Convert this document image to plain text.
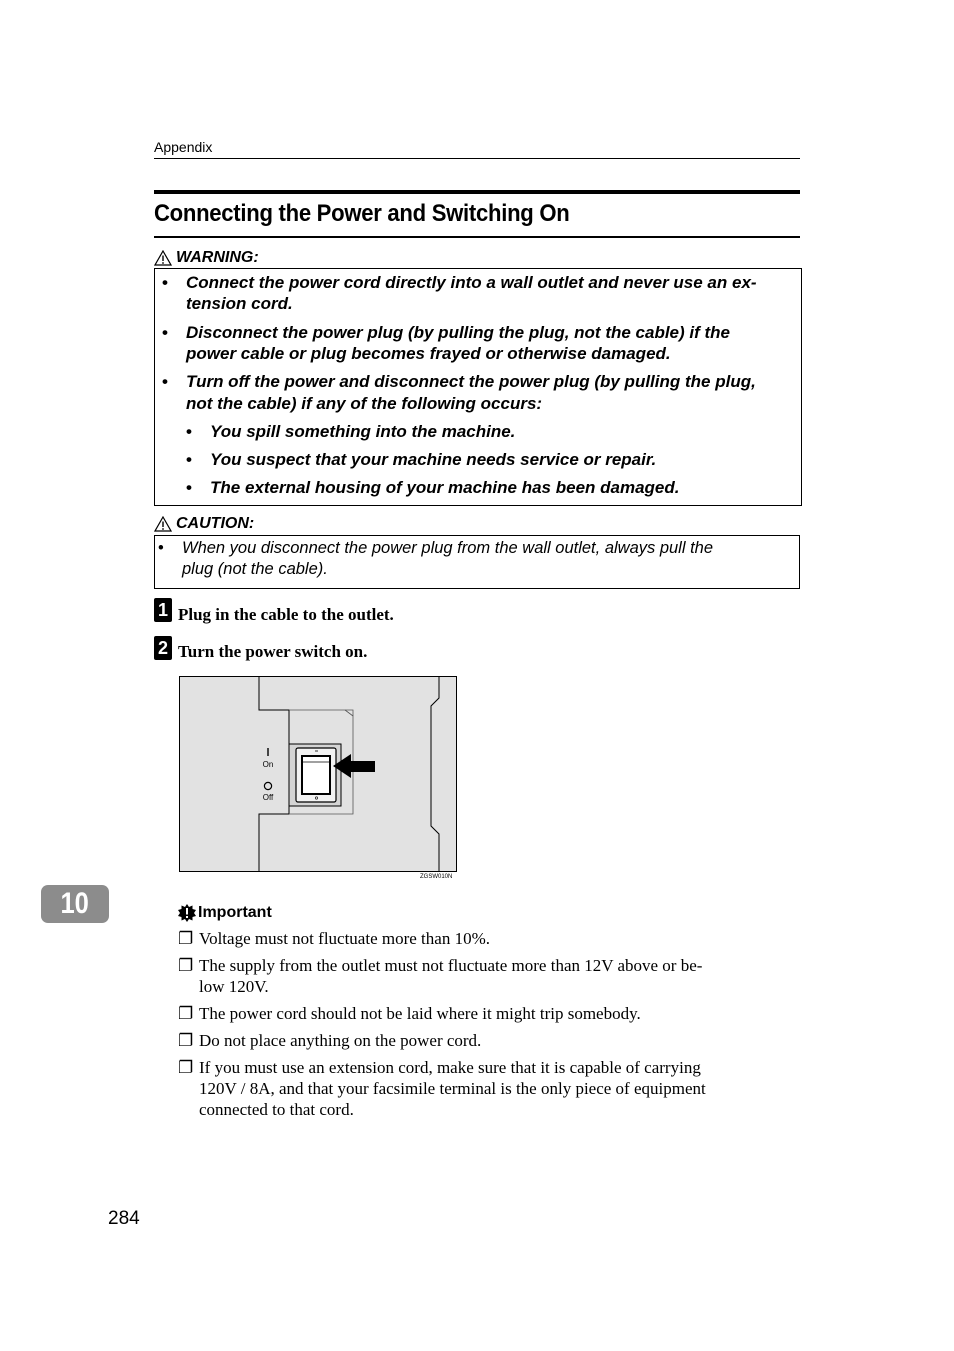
Appendix
Connecting the Power and Switching On
WARNING:
• Connect the power cord directly into a wall outlet and never use an ex-
tension cord.
• Disconnect the power plug (by pulling the plug, not the cable) if the
power cable or plug becomes frayed or otherwise damaged.
• Turn off the power and disconnect the power plug (by pulling the plug,
not the cable) if any of the following occurs:
• You spill something into the machine.
• You suspect that your machine needs service or repair.
• The external housing of your machine has been damaged.
CAUTION:
• When you disconnect the power plug from the wall outlet, always pull the
plug (not the cable).
1 Plug in the cable to the outlet.
2 Turn the power switch on.
On
Off
ZGSW010N
10	Important
❐ Voltage must not fluctuate more than 10%.
❐ The supply from the outlet must not fluctuate more than 12V above or be-
low 120V.
❐ The power cord should not be laid where it might trip somebody.
❐ Do not place anything on the power cord.
❐ If you must use an extension cord, make sure that it is capable of carrying
120V / 8A, and that your facsimile terminal is the only piece of equipment
connected to that cord.
284
